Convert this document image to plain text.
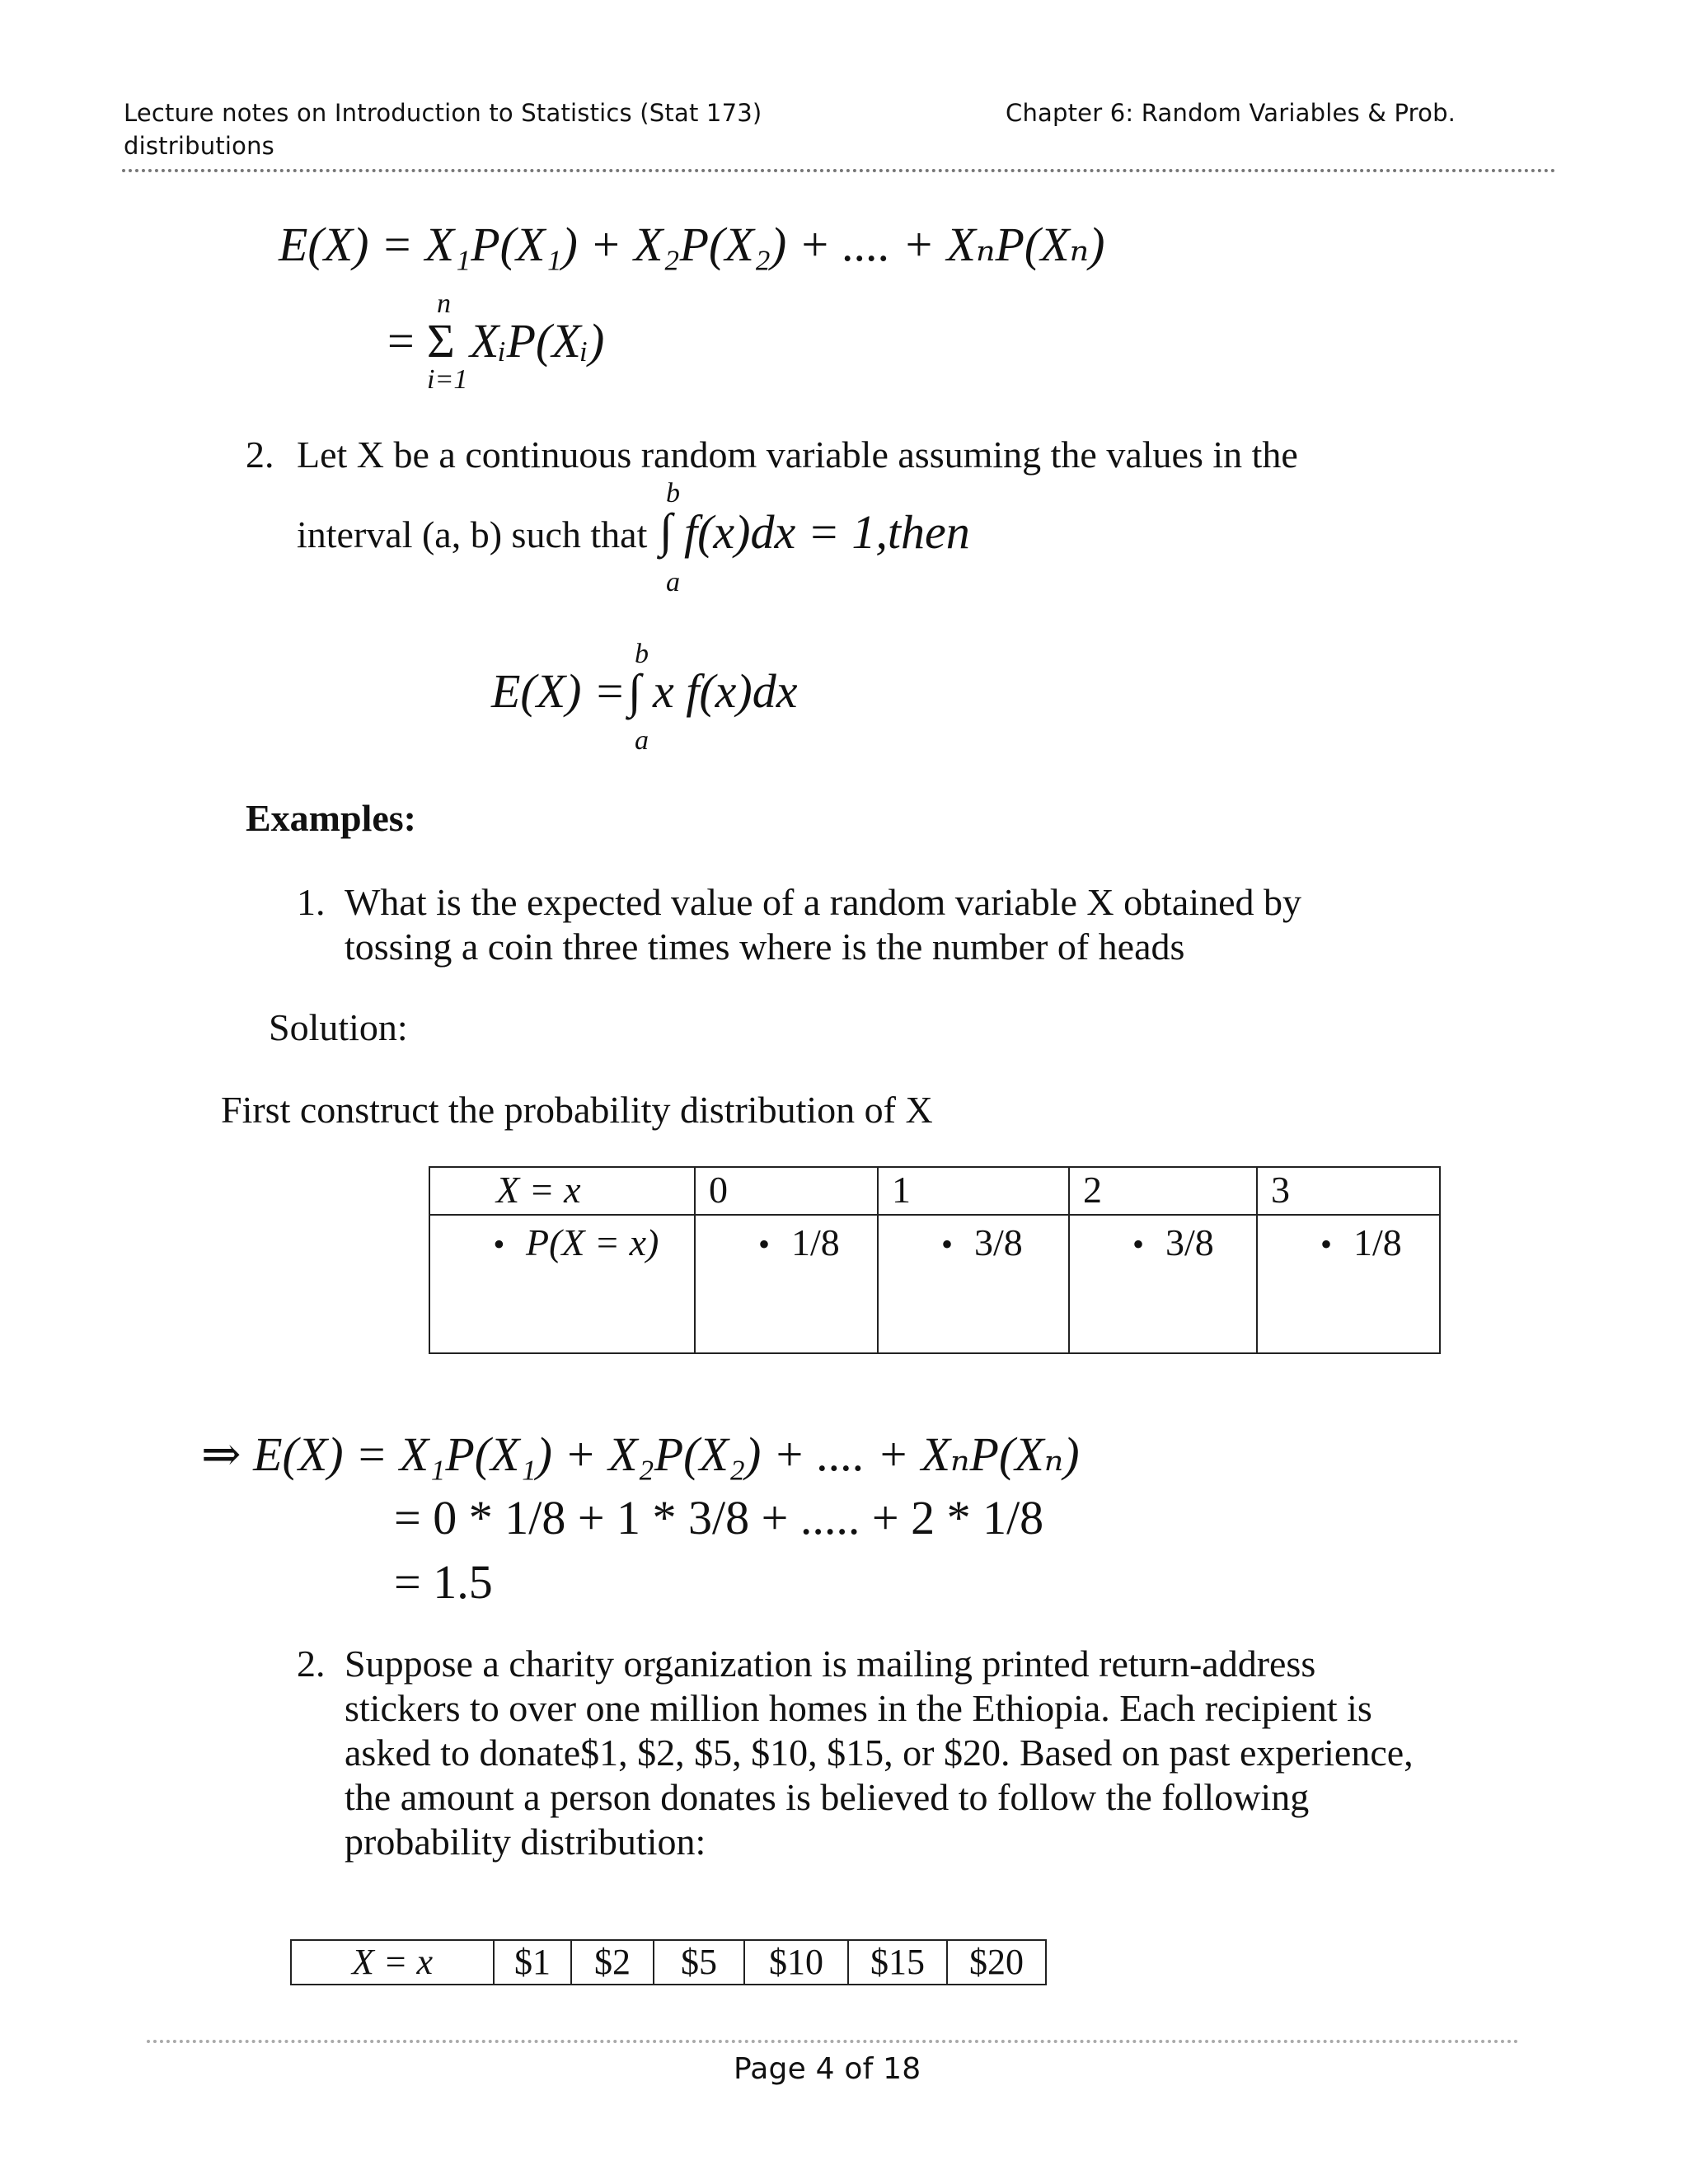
Lecture notes on Introduction to Statistics (Stat 173)
distributions
Chapter 6: Random Variables & Prob.
E(X) = X₁P(X₁) + X₂P(X₂) + .... + XₙP(Xₙ)
=
n
Σ
i=1
XᵢP(Xᵢ)
2. Let X be a continuous random variable assuming the values in the
interval (a, b) such that
b
∫
a
f(x)dx = 1,then
E(X) =
b
∫
a
x f(x)dx
Examples:
1. What is the expected value of a random variable X obtained by
tossing a coin three times where is the number of heads
Solution:
First construct the probability distribution of X
X = x	0	1	2	3
• P(X = x)	• 1/8	• 3/8	• 3/8	• 1/8
⇒ E(X) = X₁P(X₁) + X₂P(X₂) + .... + XₙP(Xₙ)
= 0 * 1/8 + 1 * 3/8 + ..... + 2 * 1/8
= 1.5
2. Suppose a charity organization is mailing printed return-address
stickers to over one million homes in the Ethiopia. Each recipient is
asked to donate$1, $2, $5, $10, $15, or $20. Based on past experience,
the amount a person donates is believed to follow the following
probability distribution:
X = x	$1	$2	$5	$10	$15	$20
Page 4 of 18
